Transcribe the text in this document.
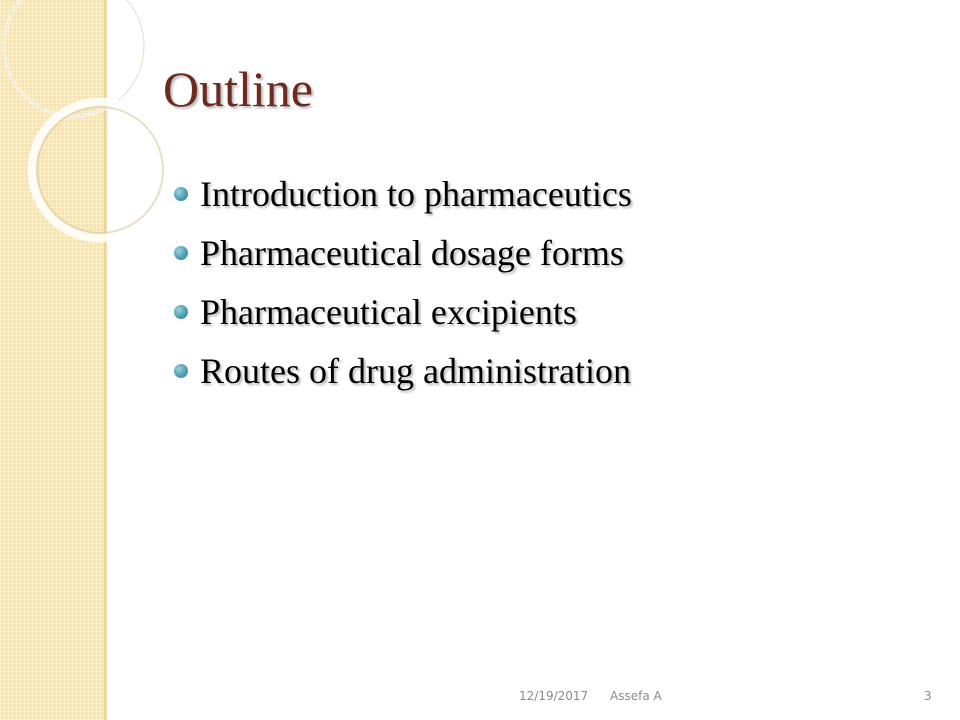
Outline
Introduction to pharmaceutics
Pharmaceutical dosage forms
Pharmaceutical excipients
Routes of drug administration
12/19/2017 Assefa A	3
